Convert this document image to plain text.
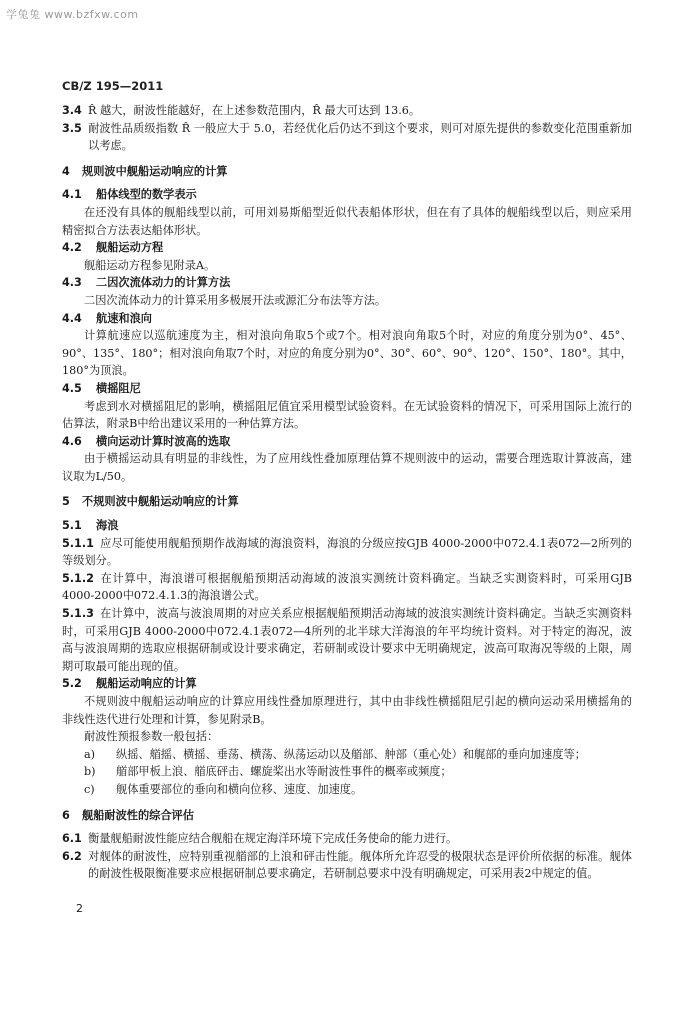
学兔兔 www.bzfxw.com
CB/Z 195—2011

3.4 R̂ 越大，耐波性能越好，在上述参数范围内，R̂ 最大可达到 13.6。

3.5 耐波性品质级指数 R̂ 一般应大于 5.0，若经优化后仍达不到这个要求，则可对原先提供的参数变化范围重新加以考虑。

4 规则波中舰船运动响应的计算
4.1 船体线型的数学表示

在还没有具体的舰船线型以前，可用刘易斯船型近似代表船体形状，但在有了具体的舰船线型以后，则应采用精密拟合方法表达船体形状。

4.2 舰船运动方程

舰船运动方程参见附录A。

4.3 二因次流体动力的计算方法

二因次流体动力的计算采用多极展开法或源汇分布法等方法。

4.4 航速和浪向

计算航速应以巡航速度为主，相对浪向角取5个或7个。相对浪向角取5个时，对应的角度分别为0°、45°、90°、135°、180°；相对浪向角取7个时，对应的角度分别为0°、30°、60°、90°、120°、150°、180°。其中，180°为顶浪。

4.5 横摇阻尼

考虑到水对横摇阻尼的影响，横摇阻尼值宜采用模型试验资料。在无试验资料的情况下，可采用国际上流行的估算法，附录B中给出建议采用的一种估算方法。

4.6 横向运动计算时波高的选取

由于横摇运动具有明显的非线性，为了应用线性叠加原理估算不规则波中的运动，需要合理选取计算波高，建议取为L/50。

5 不规则波中舰船运动响应的计算
5.1 海浪

5.1.1 应尽可能使用舰船预期作战海域的海浪资料，海浪的分级应按GJB 4000-2000中072.4.1表072—2所列的等级划分。

5.1.2 在计算中，海浪谱可根据舰船预期活动海域的波浪实测统计资料确定。当缺乏实测资料时，可采用GJB 4000-2000中072.4.1.3的海浪谱公式。

5.1.3 在计算中，波高与波浪周期的对应关系应根据舰船预期活动海域的波浪实测统计资料确定。当缺乏实测资料时，可采用GJB 4000-2000中072.4.1表072—4所列的北半球大洋海浪的年平均统计资料。对于特定的海况，波高与波浪周期的选取应根据研制或设计要求确定，若研制或设计要求中无明确规定，波高可取海况等级的上限，周期可取最可能出现的值。

5.2 舰船运动响应的计算

不规则波中舰船运动响应的计算应用线性叠加原理进行，其中由非线性横摇阻尼引起的横向运动采用横摇角的非线性迭代进行处理和计算，参见附录B。

耐波性预报参数一般包括：

a) 纵摇、艏摇、横摇、垂荡、横荡、纵荡运动以及艏部、舯部（重心处）和艉部的垂向加速度等；

b) 艏部甲板上浪、艏底砰击、螺旋桨出水等耐波性事件的概率或频度；

c) 舰体重要部位的垂向和横向位移、速度、加速度。

6 舰船耐波性的综合评估

6.1 衡量舰船耐波性能应结合舰船在规定海洋环境下完成任务使命的能力进行。

6.2 对舰体的耐波性，应特别重视艏部的上浪和砰击性能。舰体所允许忍受的极限状态是评价所依据的标准。舰体的耐波性极限衡准要求应根据研制总要求确定，若研制总要求中没有明确规定，可采用表2中规定的值。

2
